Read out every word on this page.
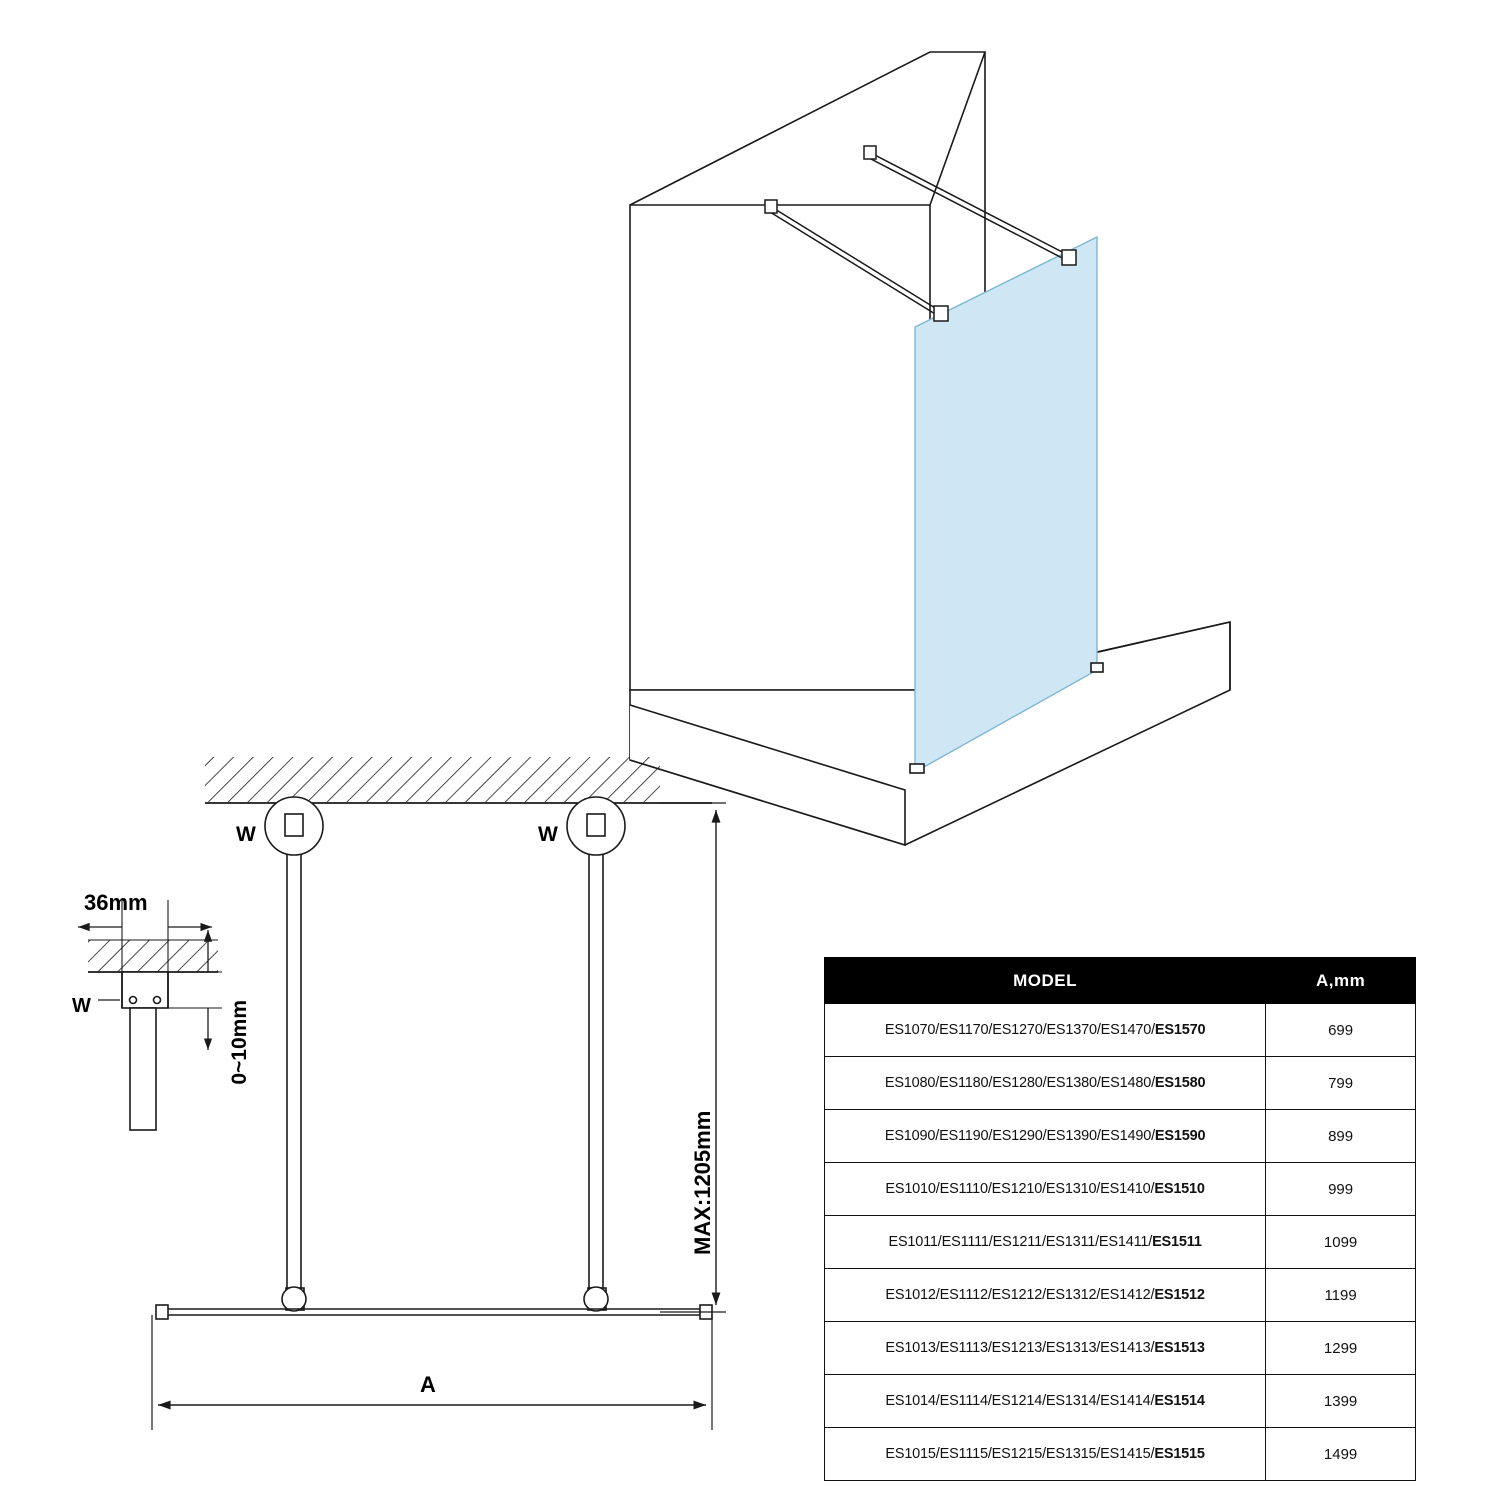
36mm
W	0~10mm
MAX:1205mm
W	W
A
MODEL	A,mm
ES1070/ES1170/ES1270/ES1370/ES1470/ES1570	699
ES1080/ES1180/ES1280/ES1380/ES1480/ES1580	799
ES1090/ES1190/ES1290/ES1390/ES1490/ES1590	899
ES1010/ES1110/ES1210/ES1310/ES1410/ES1510	999
ES1011/ES1111/ES1211/ES1311/ES1411/ES1511	1099
ES1012/ES1112/ES1212/ES1312/ES1412/ES1512	1199
ES1013/ES1113/ES1213/ES1313/ES1413/ES1513	1299
ES1014/ES1114/ES1214/ES1314/ES1414/ES1514	1399
ES1015/ES1115/ES1215/ES1315/ES1415/ES1515	1499
